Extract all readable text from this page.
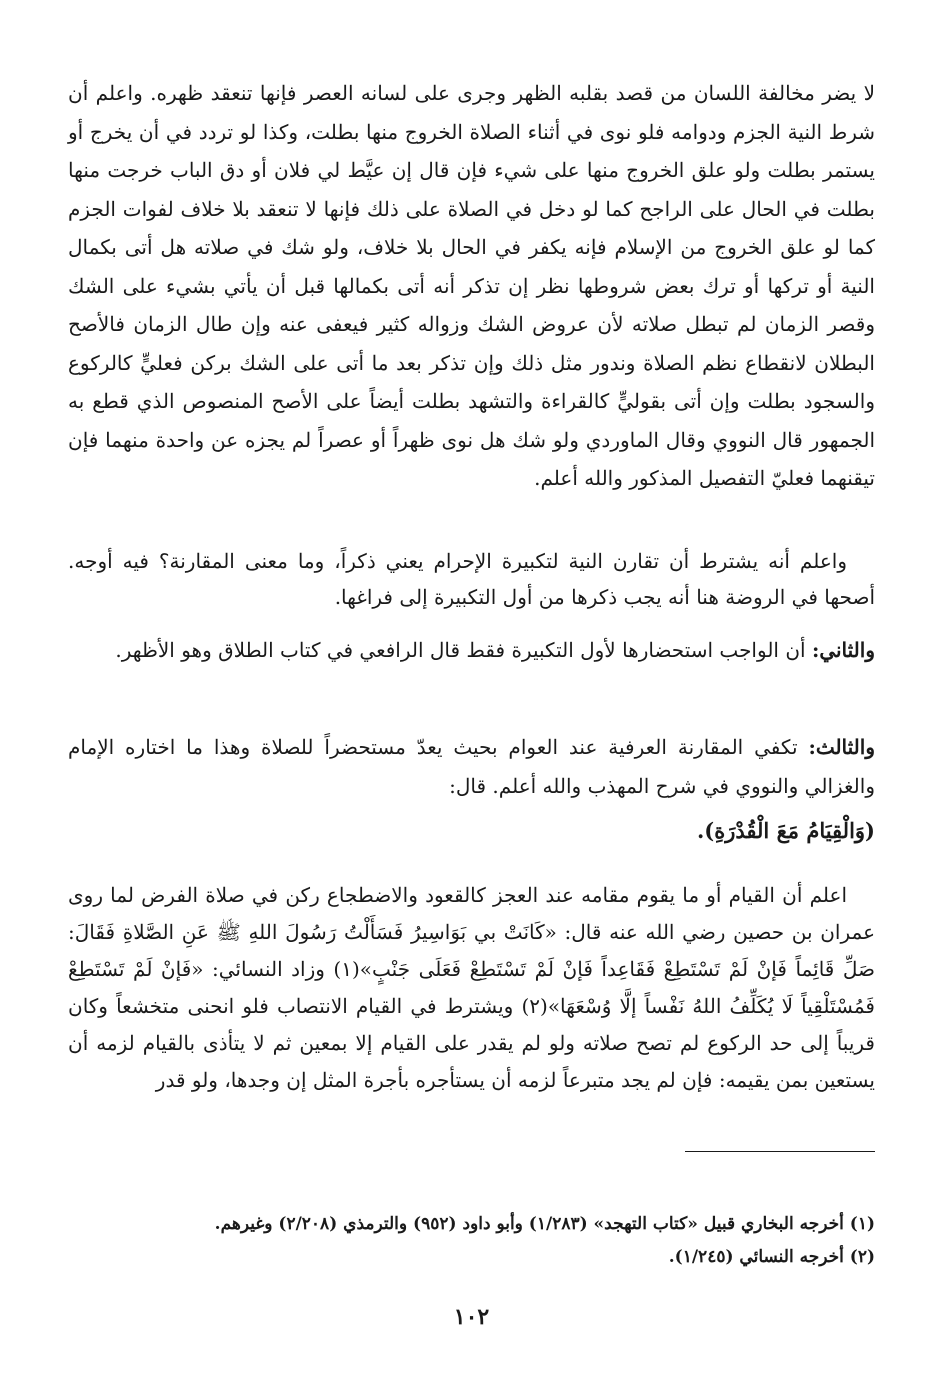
لا يضر مخالفة اللسان من قصد بقلبه الظهر وجرى على لسانه العصر فإنها تنعقد ظهره. واعلم أن شرط النية الجزم ودوامه فلو نوى في أثناء الصلاة الخروج منها بطلت، وكذا لو تردد في أن يخرج أو يستمر بطلت ولو علق الخروج منها على شيء فإن قال إن عيَّط لي فلان أو دق الباب خرجت منها بطلت في الحال على الراجح كما لو دخل في الصلاة على ذلك فإنها لا تنعقد بلا خلاف لفوات الجزم كما لو علق الخروج من الإسلام فإنه يكفر في الحال بلا خلاف، ولو شك في صلاته هل أتى بكمال النية أو تركها أو ترك بعض شروطها نظر إن تذكر أنه أتى بكمالها قبل أن يأتي بشيء على الشك وقصر الزمان لم تبطل صلاته لأن عروض الشك وزواله كثير فيعفى عنه وإن طال الزمان فالأصح البطلان لانقطاع نظم الصلاة وندور مثل ذلك وإن تذكر بعد ما أتى على الشك بركن فعليٍّ كالركوع والسجود بطلت وإن أتى بقوليٍّ كالقراءة والتشهد بطلت أيضاً على الأصح المنصوص الذي قطع به الجمهور قال النووي وقال الماوردي ولو شك هل نوى ظهراً أو عصراً لم يجزه عن واحدة منهما فإن تيقنهما فعليّ التفصيل المذكور والله أعلم.

واعلم أنه يشترط أن تقارن النية لتكبيرة الإحرام يعني ذكراً، وما معنى المقارنة؟ فيه أوجه. أصحها في الروضة هنا أنه يجب ذكرها من أول التكبيرة إلى فراغها.

والثاني: أن الواجب استحضارها لأول التكبيرة فقط قال الرافعي في كتاب الطلاق وهو الأظهر.

والثالث: تكفي المقارنة العرفية عند العوام بحيث يعدّ مستحضراً للصلاة وهذا ما اختاره الإمام والغزالي والنووي في شرح المهذب والله أعلم. قال:

(وَالْقِيَامُ مَعَ الْقُدْرَةِ).

اعلم أن القيام أو ما يقوم مقامه عند العجز كالقعود والاضطجاع ركن في صلاة الفرض لما روى عمران بن حصين رضي الله عنه قال: «كَانَتْ بي بَوَاسِيرُ فَسَأَلْتُ رَسُولَ اللهِ ﷺ عَنِ الصَّلاةِ فَقَالَ: صَلِّ قَائِماً فَإنْ لَمْ تَسْتَطِعْ فَقَاعِداً فَإنْ لَمْ تَسْتَطِعْ فَعَلَى جَنْبٍ»(١) وزاد النسائي: «فَإنْ لَمْ تَسْتَطِعْ فَمُسْتَلْقِياً لَا يُكَلِّفُ اللهُ نَفْساً إلَّا وُسْعَهَا»(٢) ويشترط في القيام الانتصاب فلو انحنى متخشعاً وكان قريباً إلى حد الركوع لم تصح صلاته ولو لم يقدر على القيام إلا بمعين ثم لا يتأذى بالقيام لزمه أن يستعين بمن يقيمه: فإن لم يجد متبرعاً لزمه أن يستأجره بأجرة المثل إن وجدها، ولو قدر

(١) أخرجه البخاري قبيل «كتاب التهجد» (١/٢٨٣) وأبو داود (٩٥٢) والترمذي (٢/٢٠٨) وغيرهم.
(٢) أخرجه النسائي (١/٢٤٥).
١٠٢
